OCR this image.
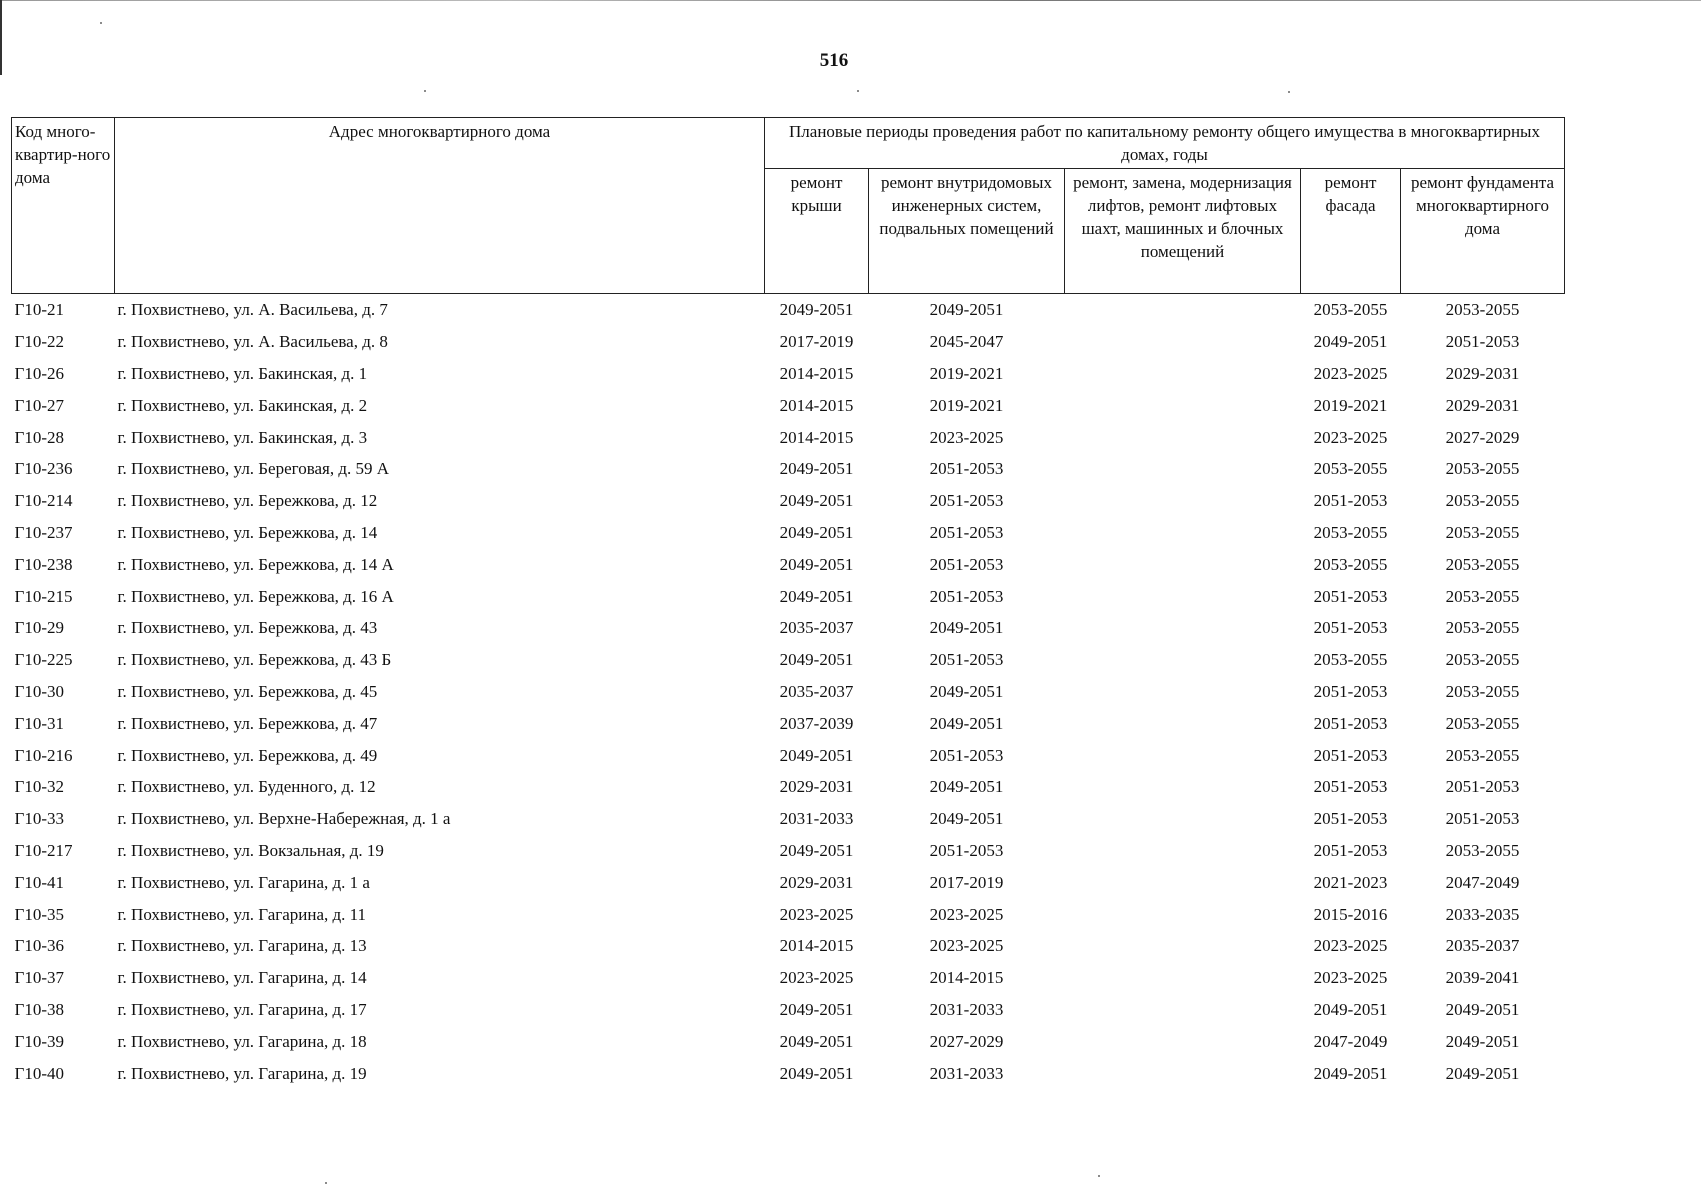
516
Код много-квартир-ного дома	Адрес многоквартирного дома	Плановые периоды проведения работ по капитальному ремонту общего имущества в многоквартирных домах, годы				
		ремонт крыши	ремонт внутридомовых инженерных систем, подвальных помещений	ремонт, замена, модернизация лифтов, ремонт лифтовых шахт, машинных и блочных помещений	ремонт фасада	ремонт фундамента многоквартирного дома
Г10-21	г. Похвистнево, ул. А. Васильева, д. 7	2049-2051	2049-2051		2053-2055	2053-2055
Г10-22	г. Похвистнево, ул. А. Васильева, д. 8	2017-2019	2045-2047		2049-2051	2051-2053
Г10-26	г. Похвистнево, ул. Бакинская, д. 1	2014-2015	2019-2021		2023-2025	2029-2031
Г10-27	г. Похвистнево, ул. Бакинская, д. 2	2014-2015	2019-2021		2019-2021	2029-2031
Г10-28	г. Похвистнево, ул. Бакинская, д. 3	2014-2015	2023-2025		2023-2025	2027-2029
Г10-236	г. Похвистнево, ул. Береговая, д. 59 А	2049-2051	2051-2053		2053-2055	2053-2055
Г10-214	г. Похвистнево, ул. Бережкова, д. 12	2049-2051	2051-2053		2051-2053	2053-2055
Г10-237	г. Похвистнево, ул. Бережкова, д. 14	2049-2051	2051-2053		2053-2055	2053-2055
Г10-238	г. Похвистнево, ул. Бережкова, д. 14 А	2049-2051	2051-2053		2053-2055	2053-2055
Г10-215	г. Похвистнево, ул. Бережкова, д. 16 А	2049-2051	2051-2053		2051-2053	2053-2055
Г10-29	г. Похвистнево, ул. Бережкова, д. 43	2035-2037	2049-2051		2051-2053	2053-2055
Г10-225	г. Похвистнево, ул. Бережкова, д. 43 Б	2049-2051	2051-2053		2053-2055	2053-2055
Г10-30	г. Похвистнево, ул. Бережкова, д. 45	2035-2037	2049-2051		2051-2053	2053-2055
Г10-31	г. Похвистнево, ул. Бережкова, д. 47	2037-2039	2049-2051		2051-2053	2053-2055
Г10-216	г. Похвистнево, ул. Бережкова, д. 49	2049-2051	2051-2053		2051-2053	2053-2055
Г10-32	г. Похвистнево, ул. Буденного, д. 12	2029-2031	2049-2051		2051-2053	2051-2053
Г10-33	г. Похвистнево, ул. Верхне-Набережная, д. 1 а	2031-2033	2049-2051		2051-2053	2051-2053
Г10-217	г. Похвистнево, ул. Вокзальная, д. 19	2049-2051	2051-2053		2051-2053	2053-2055
Г10-41	г. Похвистнево, ул. Гагарина, д. 1 а	2029-2031	2017-2019		2021-2023	2047-2049
Г10-35	г. Похвистнево, ул. Гагарина, д. 11	2023-2025	2023-2025		2015-2016	2033-2035
Г10-36	г. Похвистнево, ул. Гагарина, д. 13	2014-2015	2023-2025		2023-2025	2035-2037
Г10-37	г. Похвистнево, ул. Гагарина, д. 14	2023-2025	2014-2015		2023-2025	2039-2041
Г10-38	г. Похвистнево, ул. Гагарина, д. 17	2049-2051	2031-2033		2049-2051	2049-2051
Г10-39	г. Похвистнево, ул. Гагарина, д. 18	2049-2051	2027-2029		2047-2049	2049-2051
Г10-40	г. Похвистнево, ул. Гагарина, д. 19	2049-2051	2031-2033		2049-2051	2049-2051
